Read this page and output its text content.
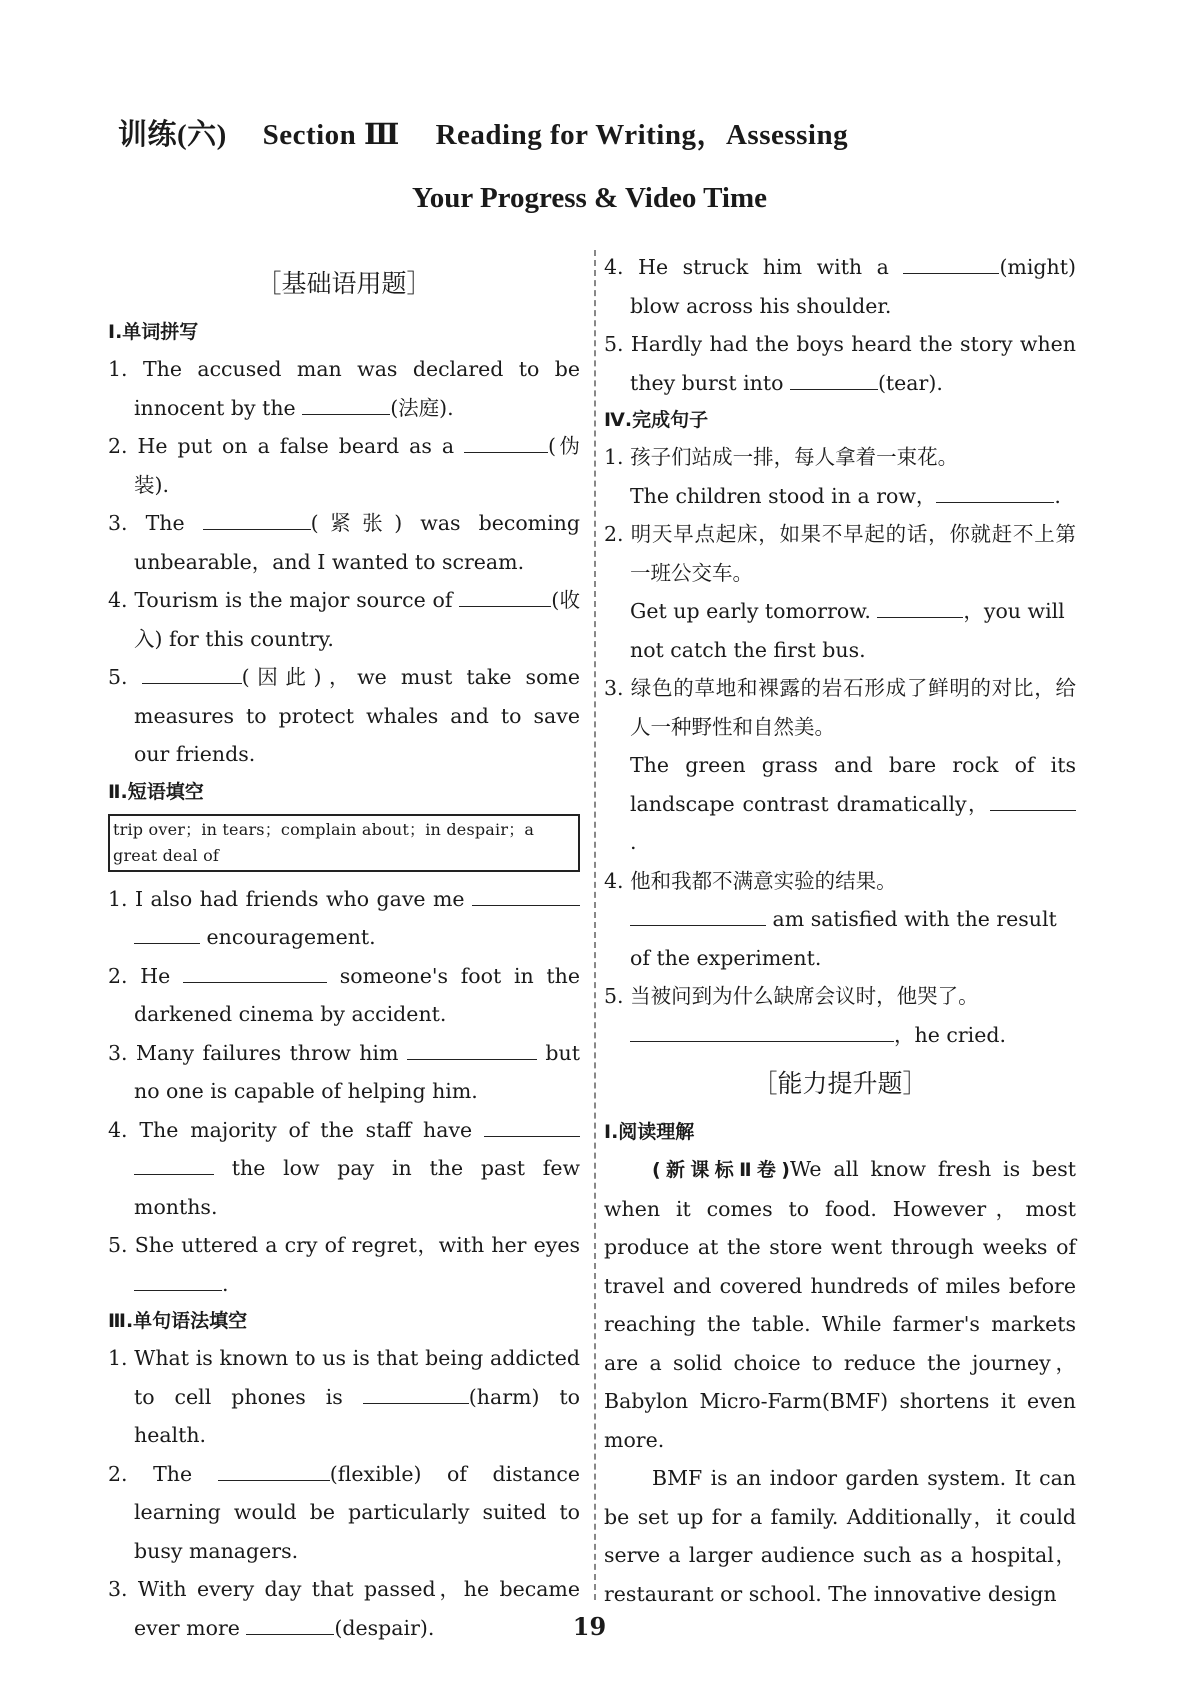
训练(六) Section Ⅲ Reading for Writing，Assessing
Your Progress & Video Time
［基础语用题］
Ⅰ.单词拼写
1. The accused man was declared to be innocent by the	(法庭).
2. He put on a false beard as a	(伪装).
3. The	(紧张) was becoming unbearable，and I wanted to scream.
4. Tourism is the major source of	(收入) for this country.
5.	(因此)，we must take some measures to protect whales and to save our friends.
Ⅱ.短语填空
trip over；in tears；complain about；in despair；a great deal of
1. I also had friends who gave me  encouragement.
2. He	someone's foot in the darkened cinema by accident.
3. Many failures throw him	but no one is capable of helping him.
4. The majority of the staff have  the low pay in the past few months.
5. She uttered a cry of regret，with her eyes .
Ⅲ.单句语法填空
1. What is known to us is that being addicted to cell phones is	(harm) to health.
2. The	(flexible) of distance learning would be particularly suited to busy managers.
3. With every day that passed，he became ever more	(despair).
4. He struck him with a	(might) blow across his shoulder.
5. Hardly had the boys heard the story when they burst into	(tear).
Ⅳ.完成句子
1. 孩子们站成一排，每人拿着一束花。
The children stood in a row，	.
2. 明天早点起床，如果不早起的话，你就赶不上第一班公交车。
Get up early tomorrow.	，you will not catch the first bus.
3. 绿色的草地和裸露的岩石形成了鲜明的对比，给人一种野性和自然美。
The green grass and bare rock of its landscape contrast dramatically，.
4. 他和我都不满意实验的结果。
am satisfied with the result of the experiment.
5. 当被问到为什么缺席会议时，他哭了。
，he cried.
［能力提升题］
Ⅰ.阅读理解
(新课标Ⅱ卷)We all know fresh is best when it comes to food. However，most produce at the store went through weeks of travel and covered hundreds of miles before reaching the table. While farmer's markets are a solid choice to reduce the journey，Babylon Micro-Farm(BMF) shortens it even more.
BMF is an indoor garden system. It can be set up for a family. Additionally，it could serve a larger audience such as a hospital，restaurant or school. The innovative design
19
